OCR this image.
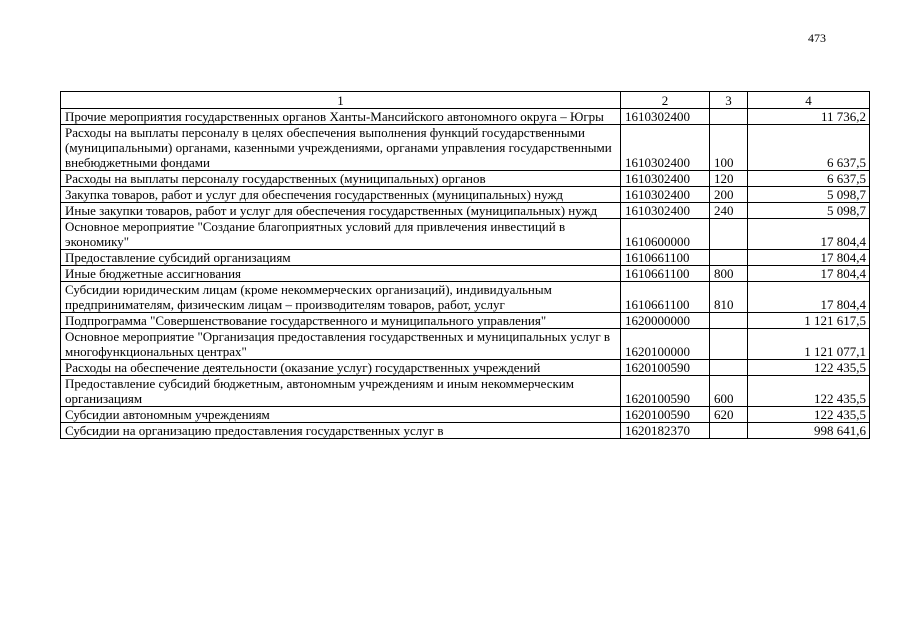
473
1	2	3	4
Прочие мероприятия государственных органов Ханты-Мансийского автономного округа – Югры	1610302400		11 736,2
Расходы на выплаты персоналу в целях обеспечения выполнения функций государственными (муниципальными) органами, казенными учреждениями, органами управления государственными внебюджетными фондами	1610302400	100	6 637,5
Расходы на выплаты персоналу государственных (муниципальных) органов	1610302400	120	6 637,5
Закупка товаров, работ и услуг для обеспечения государственных (муниципальных) нужд	1610302400	200	5 098,7
Иные закупки товаров, работ и услуг для обеспечения государственных (муниципальных) нужд	1610302400	240	5 098,7
Основное мероприятие "Создание благоприятных условий для привлечения инвестиций в экономику"	1610600000		17 804,4
Предоставление субсидий организациям	1610661100		17 804,4
Иные бюджетные ассигнования	1610661100	800	17 804,4
Субсидии юридическим лицам (кроме некоммерческих организаций), индивидуальным предпринимателям, физическим лицам – производителям товаров, работ, услуг	1610661100	810	17 804,4
Подпрограмма "Совершенствование государственного и муниципального управления"	1620000000		1 121 617,5
Основное мероприятие "Организация предоставления государственных и муниципальных услуг в многофункциональных центрах"	1620100000		1 121 077,1
Расходы на обеспечение деятельности (оказание услуг) государственных учреждений	1620100590		122 435,5
Предоставление субсидий бюджетным, автономным учреждениям и иным некоммерческим организациям	1620100590	600	122 435,5
Субсидии автономным учреждениям	1620100590	620	122 435,5
Субсидии на организацию предоставления государственных услуг в	1620182370		998 641,6
